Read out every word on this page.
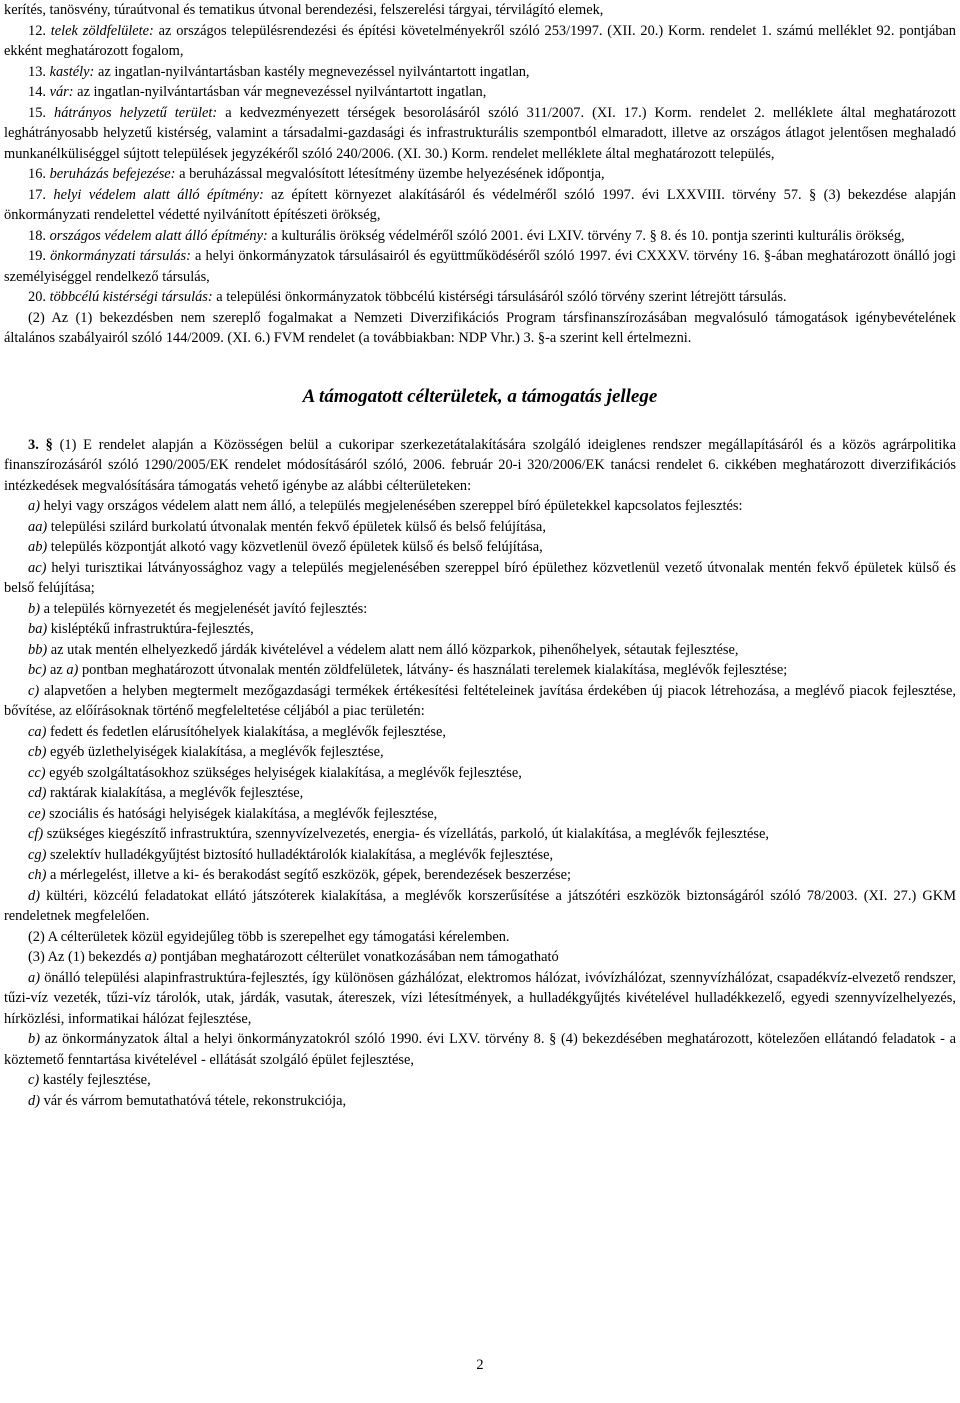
kerítés, tanösvény, túraútvonal és tematikus útvonal berendezési, felszerelési tárgyai, térvilágító elemek,
12. telek zöldfelülete: az országos településrendezési és építési követelményekről szóló 253/1997. (XII. 20.) Korm. rendelet 1. számú melléklet 92. pontjában ekként meghatározott fogalom,
13. kastély: az ingatlan-nyilvántartásban kastély megnevezéssel nyilvántartott ingatlan,
14. vár: az ingatlan-nyilvántartásban vár megnevezéssel nyilvántartott ingatlan,
15. hátrányos helyzetű terület: a kedvezményezett térségek besorolásáról szóló 311/2007. (XI. 17.) Korm. rendelet 2. melléklete által meghatározott leghátrányosabb helyzetű kistérség, valamint a társadalmi-gazdasági és infrastrukturális szempontból elmaradott, illetve az országos átlagot jelentősen meghaladó munkanélküliséggel sújtott települések jegyzékéről szóló 240/2006. (XI. 30.) Korm. rendelet melléklete által meghatározott település,
16. beruházás befejezése: a beruházással megvalósított létesítmény üzembe helyezésének időpontja,
17. helyi védelem alatt álló építmény: az épített környezet alakításáról és védelméről szóló 1997. évi LXXVIII. törvény 57. § (3) bekezdése alapján önkormányzati rendelettel védetté nyilvánított építészeti örökség,
18. országos védelem alatt álló építmény: a kulturális örökség védelméről szóló 2001. évi LXIV. törvény 7. § 8. és 10. pontja szerinti kulturális örökség,
19. önkormányzati társulás: a helyi önkormányzatok társulásairól és együttműködéséről szóló 1997. évi CXXXV. törvény 16. §-ában meghatározott önálló jogi személyiséggel rendelkező társulás,
20. többcélú kistérségi társulás: a települési önkormányzatok többcélú kistérségi társulásáról szóló törvény szerint létrejött társulás.
(2) Az (1) bekezdésben nem szereplő fogalmakat a Nemzeti Diverzifikációs Program társfinanszírozásában megvalósuló támogatások igénybevételének általános szabályairól szóló 144/2009. (XI. 6.) FVM rendelet (a továbbiakban: NDP Vhr.) 3. §-a szerint kell értelmezni.
A támogatott célterületek, a támogatás jellege
3. § (1) E rendelet alapján a Közösségen belül a cukoripar szerkezetátalakítására szolgáló ideiglenes rendszer megállapításáról és a közös agrárpolitika finanszírozásáról szóló 1290/2005/EK rendelet módosításáról szóló, 2006. február 20-i 320/2006/EK tanácsi rendelet 6. cikkében meghatározott diverzifikációs intézkedések megvalósítására támogatás vehető igénybe az alábbi célterületeken:
a) helyi vagy országos védelem alatt nem álló, a település megjelenésében szereppel bíró épületekkel kapcsolatos fejlesztés:
aa) települési szilárd burkolatú útvonalak mentén fekvő épületek külső és belső felújítása,
ab) település központját alkotó vagy közvetlenül övező épületek külső és belső felújítása,
ac) helyi turisztikai látványossághoz vagy a település megjelenésében szereppel bíró épülethez közvetlenül vezető útvonalak mentén fekvő épületek külső és belső felújítása;
b) a település környezetét és megjelenését javító fejlesztés:
ba) kisléptékű infrastruktúra-fejlesztés,
bb) az utak mentén elhelyezkedő járdák kivételével a védelem alatt nem álló közparkok, pihenőhelyek, sétautak fejlesztése,
bc) az a) pontban meghatározott útvonalak mentén zöldfelületek, látvány- és használati terelemek kialakítása, meglévők fejlesztése;
c) alapvetően a helyben megtermelt mezőgazdasági termékek értékesítési feltételeinek javítása érdekében új piacok létrehozása, a meglévő piacok fejlesztése, bővítése, az előírásoknak történő megfeleltetése céljából a piac területén:
ca) fedett és fedetlen elárusítóhelyek kialakítása, a meglévők fejlesztése,
cb) egyéb üzlethelyiségek kialakítása, a meglévők fejlesztése,
cc) egyéb szolgáltatásokhoz szükséges helyiségek kialakítása, a meglévők fejlesztése,
cd) raktárak kialakítása, a meglévők fejlesztése,
ce) szociális és hatósági helyiségek kialakítása, a meglévők fejlesztése,
cf) szükséges kiegészítő infrastruktúra, szennyvízelvezetés, energia- és vízellátás, parkoló, út kialakítása, a meglévők fejlesztése,
cg) szelektív hulladékgyűjtést biztosító hulladéktárolók kialakítása, a meglévők fejlesztése,
ch) a mérlegelést, illetve a ki- és berakodást segítő eszközök, gépek, berendezések beszerzése;
d) kültéri, közcélú feladatokat ellátó játszóterek kialakítása, a meglévők korszerűsítése a játszótéri eszközök biztonságáról szóló 78/2003. (XI. 27.) GKM rendeletnek megfelelően.
(2) A célterületek közül egyidejűleg több is szerepelhet egy támogatási kérelemben.
(3) Az (1) bekezdés a) pontjában meghatározott célterület vonatkozásában nem támogatható
a) önálló települési alapinfrastruktúra-fejlesztés, így különösen gázhálózat, elektromos hálózat, ivóvízhálózat, szennyvízhálózat, csapadékvíz-elvezető rendszer, tűzi-víz vezeték, tűzi-víz tárolók, utak, járdák, vasutak, átereszek, vízi létesítmények, a hulladékgyűjtés kivételével hulladékkezelő, egyedi szennyvízelhelyezés, hírközlési, informatikai hálózat fejlesztése,
b) az önkormányzatok által a helyi önkormányzatokról szóló 1990. évi LXV. törvény 8. § (4) bekezdésében meghatározott, kötelezően ellátandó feladatok - a köztemető fenntartása kivételével - ellátását szolgáló épület fejlesztése,
c) kastély fejlesztése,
d) vár és várrom bemutathatóvá tétele, rekonstrukciója,
2
